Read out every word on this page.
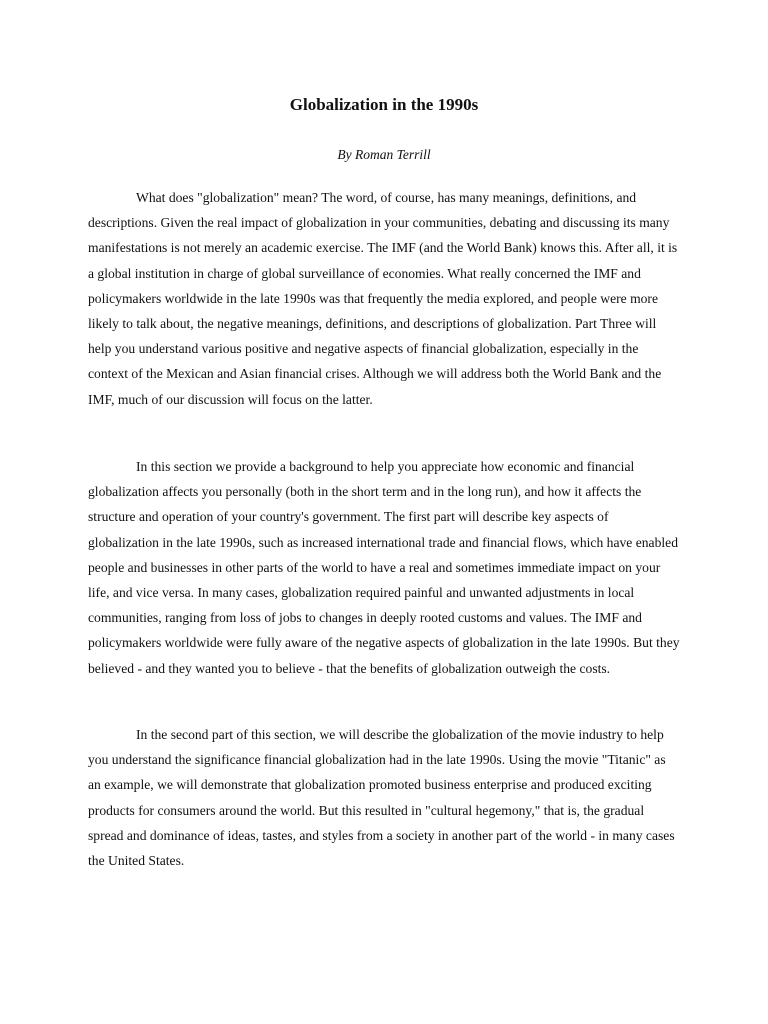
Globalization in the 1990s

By Roman Terrill

What does "globalization" mean? The word, of course, has many meanings, definitions, and descriptions. Given the real impact of globalization in your communities, debating and discussing its many manifestations is not merely an academic exercise. The IMF (and the World Bank) knows this. After all, it is a global institution in charge of global surveillance of economies. What really concerned the IMF and policymakers worldwide in the late 1990s was that frequently the media explored, and people were more likely to talk about, the negative meanings, definitions, and descriptions of globalization. Part Three will help you understand various positive and negative aspects of financial globalization, especially in the context of the Mexican and Asian financial crises. Although we will address both the World Bank and the IMF, much of our discussion will focus on the latter.

In this section we provide a background to help you appreciate how economic and financial globalization affects you personally (both in the short term and in the long run), and how it affects the structure and operation of your country's government. The first part will describe key aspects of globalization in the late 1990s, such as increased international trade and financial flows, which have enabled people and businesses in other parts of the world to have a real and sometimes immediate impact on your life, and vice versa. In many cases, globalization required painful and unwanted adjustments in local communities, ranging from loss of jobs to changes in deeply rooted customs and values. The IMF and policymakers worldwide were fully aware of the negative aspects of globalization in the late 1990s. But they believed - and they wanted you to believe - that the benefits of globalization outweigh the costs.

In the second part of this section, we will describe the globalization of the movie industry to help you understand the significance financial globalization had in the late 1990s. Using the movie "Titanic" as an example, we will demonstrate that globalization promoted business enterprise and produced exciting products for consumers around the world. But this resulted in "cultural hegemony," that is, the gradual spread and dominance of ideas, tastes, and styles from a society in another part of the world - in many cases the United States.
